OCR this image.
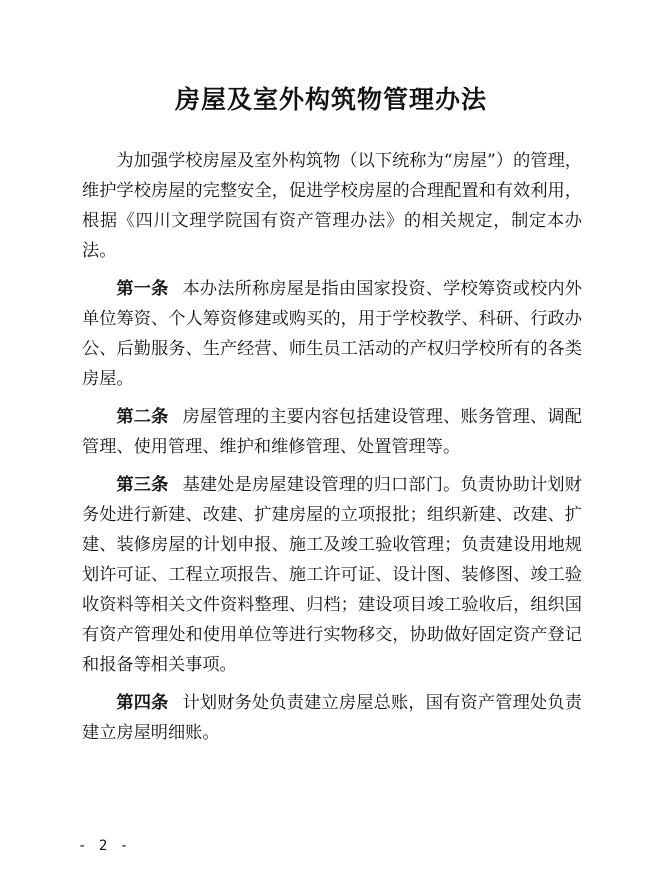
房屋及室外构筑物管理办法

为加强学校房屋及室外构筑物（以下统称为“房屋”）的管理，维护学校房屋的完整安全，促进学校房屋的合理配置和有效利用，根据《四川文理学院国有资产管理办法》的相关规定，制定本办法。

第一条 本办法所称房屋是指由国家投资、学校筹资或校内外单位筹资、个人筹资修建或购买的，用于学校教学、科研、行政办公、后勤服务、生产经营、师生员工活动的产权归学校所有的各类房屋。

第二条 房屋管理的主要内容包括建设管理、账务管理、调配管理、使用管理、维护和维修管理、处置管理等。

第三条 基建处是房屋建设管理的归口部门。负责协助计划财务处进行新建、改建、扩建房屋的立项报批；组织新建、改建、扩建、装修房屋的计划申报、施工及竣工验收管理；负责建设用地规划许可证、工程立项报告、施工许可证、设计图、装修图、竣工验收资料等相关文件资料整理、归档；建设项目竣工验收后，组织国有资产管理处和使用单位等进行实物移交，协助做好固定资产登记和报备等相关事项。

第四条 计划财务处负责建立房屋总账，国有资产管理处负责建立房屋明细账。

- 2 -
